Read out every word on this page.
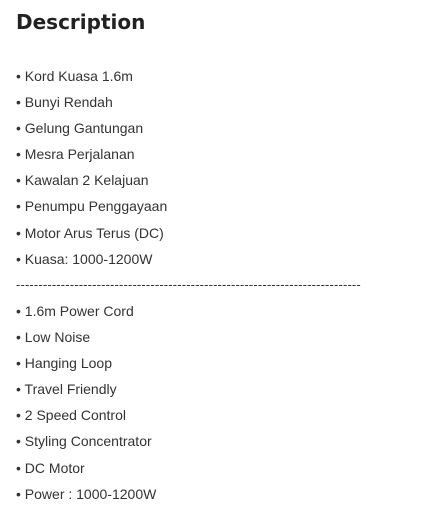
Description
• Kord Kuasa 1.6m
• Bunyi Rendah
• Gelung Gantungan
• Mesra Perjalanan
• Kawalan 2 Kelajuan
• Penumpu Penggayaan
• Motor Arus Terus (DC)
• Kuasa: 1000-1200W
-----------------------------------------------------------------------------
• 1.6m Power Cord
• Low Noise
• Hanging Loop
• Travel Friendly
• 2 Speed Control
• Styling Concentrator
• DC Motor
• Power : 1000-1200W
